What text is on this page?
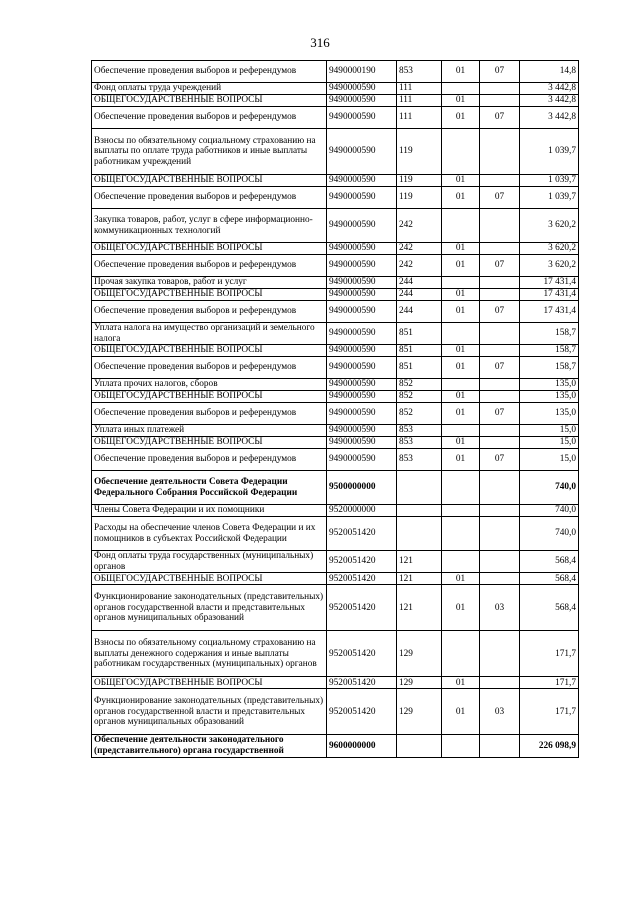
316
Обеспечение проведения выборов и референдумов	9490000190	853	01	07	14,8
Фонд оплаты труда учреждений	9490000590	111			3 442,8
ОБЩЕГОСУДАРСТВЕННЫЕ ВОПРОСЫ	9490000590	111	01		3 442,8
Обеспечение проведения выборов и референдумов	9490000590	111	01	07	3 442,8
Взносы по обязательному социальному страхованию на выплаты по оплате труда работников и иные выплаты работникам учреждений	9490000590	119			1 039,7
ОБЩЕГОСУДАРСТВЕННЫЕ ВОПРОСЫ	9490000590	119	01		1 039,7
Обеспечение проведения выборов и референдумов	9490000590	119	01	07	1 039,7
Закупка товаров, работ, услуг в сфере информационно-коммуникационных технологий	9490000590	242			3 620,2
ОБЩЕГОСУДАРСТВЕННЫЕ ВОПРОСЫ	9490000590	242	01		3 620,2
Обеспечение проведения выборов и референдумов	9490000590	242	01	07	3 620,2
Прочая закупка товаров, работ и услуг	9490000590	244			17 431,4
ОБЩЕГОСУДАРСТВЕННЫЕ ВОПРОСЫ	9490000590	244	01		17 431,4
Обеспечение проведения выборов и референдумов	9490000590	244	01	07	17 431,4
Уплата налога на имущество организаций и земельного налога	9490000590	851			158,7
ОБЩЕГОСУДАРСТВЕННЫЕ ВОПРОСЫ	9490000590	851	01		158,7
Обеспечение проведения выборов и референдумов	9490000590	851	01	07	158,7
Уплата прочих налогов, сборов	9490000590	852			135,0
ОБЩЕГОСУДАРСТВЕННЫЕ ВОПРОСЫ	9490000590	852	01		135,0
Обеспечение проведения выборов и референдумов	9490000590	852	01	07	135,0
Уплата иных платежей	9490000590	853			15,0
ОБЩЕГОСУДАРСТВЕННЫЕ ВОПРОСЫ	9490000590	853	01		15,0
Обеспечение проведения выборов и референдумов	9490000590	853	01	07	15,0
Обеспечение деятельности Совета Федерации Федерального Собрания Российской Федерации	9500000000				740,0
Члены Совета Федерации и их помощники	9520000000				740,0
Расходы на обеспечение членов Совета Федерации и их помощников в субъектах Российской Федерации	9520051420				740,0
Фонд оплаты труда государственных (муниципальных) органов	9520051420	121			568,4
ОБЩЕГОСУДАРСТВЕННЫЕ ВОПРОСЫ	9520051420	121	01		568,4
Функционирование законодательных (представительных) органов государственной власти и представительных органов муниципальных образований	9520051420	121	01	03	568,4
Взносы по обязательному социальному страхованию на выплаты денежного содержания и иные выплаты работникам государственных (муниципальных) органов	9520051420	129			171,7
ОБЩЕГОСУДАРСТВЕННЫЕ ВОПРОСЫ	9520051420	129	01		171,7
Функционирование законодательных (представительных) органов государственной власти и представительных органов муниципальных образований	9520051420	129	01	03	171,7
Обеспечение деятельности законодательного (представительного) органа государственной	9600000000				226 098,9
